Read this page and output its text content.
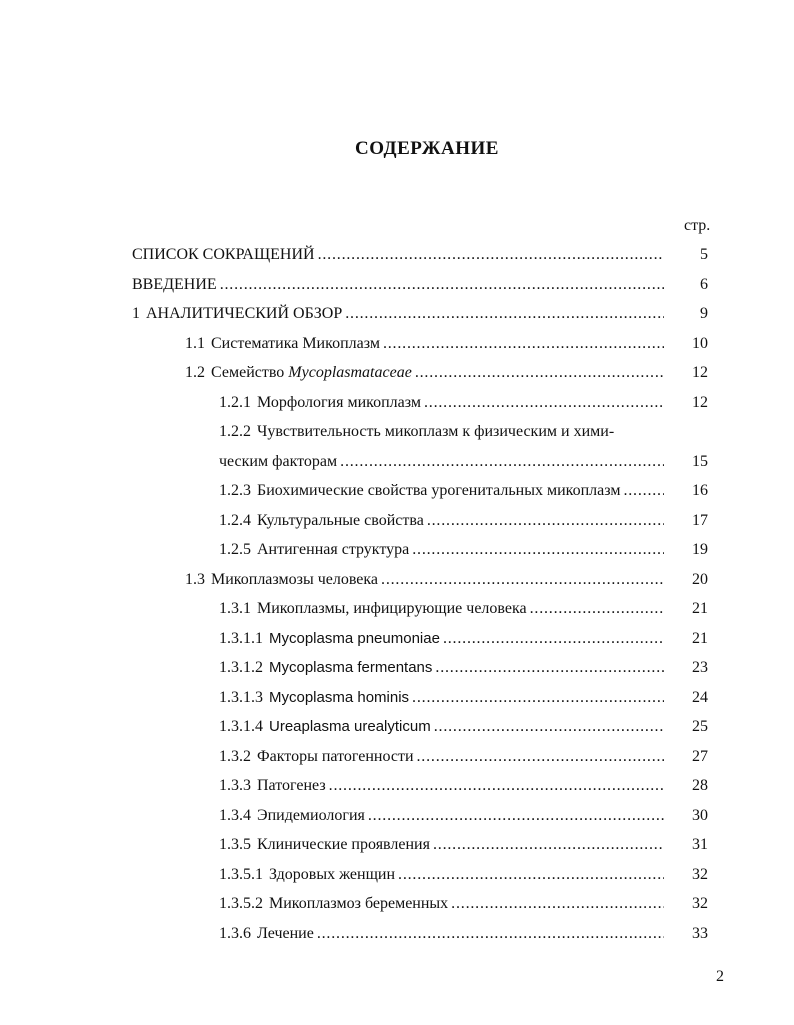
СОДЕРЖАНИЕ
стр.
СПИСОК СОКРАЩЕНИЙ . . .	5
ВВЕДЕНИЕ . . .	6
1 АНАЛИТИЧЕСКИЙ ОБЗОР . . .	9
1.1 Систематика Микоплазм . . .	10
1.2 Семейство Mycoplasmataceae . . .	12
1.2.1 Морфология микоплазм . . .	12
1.2.2 Чувствительность микоплазм к физическим и хими-
ческим факторам . . .	15
1.2.3 Биохимические свойства урогенитальных микоплазм . . .	16
1.2.4 Культуральные свойства . . .	17
1.2.5 Антигенная структура . . .	19
1.3 Микоплазмозы человека . . .	20
1.3.1 Микоплазмы, инфицирующие человека . . .	21
1.3.1.1 Mycoplasma pneumoniae . . .	21
1.3.1.2 Mycoplasma fermentans . . .	23
1.3.1.3 Mycoplasma hominis . . .	24
1.3.1.4 Ureaplasma urealyticum . . .	25
1.3.2 Факторы патогенности . . .	27
1.3.3 Патогенез . . .	28
1.3.4 Эпидемиология . . .	30
1.3.5 Клинические проявления . . .	31
1.3.5.1 Здоровых женщин . . .	32
1.3.5.2 Микоплазмоз беременных . . .	32
1.3.6 Лечение . . .	33
2
